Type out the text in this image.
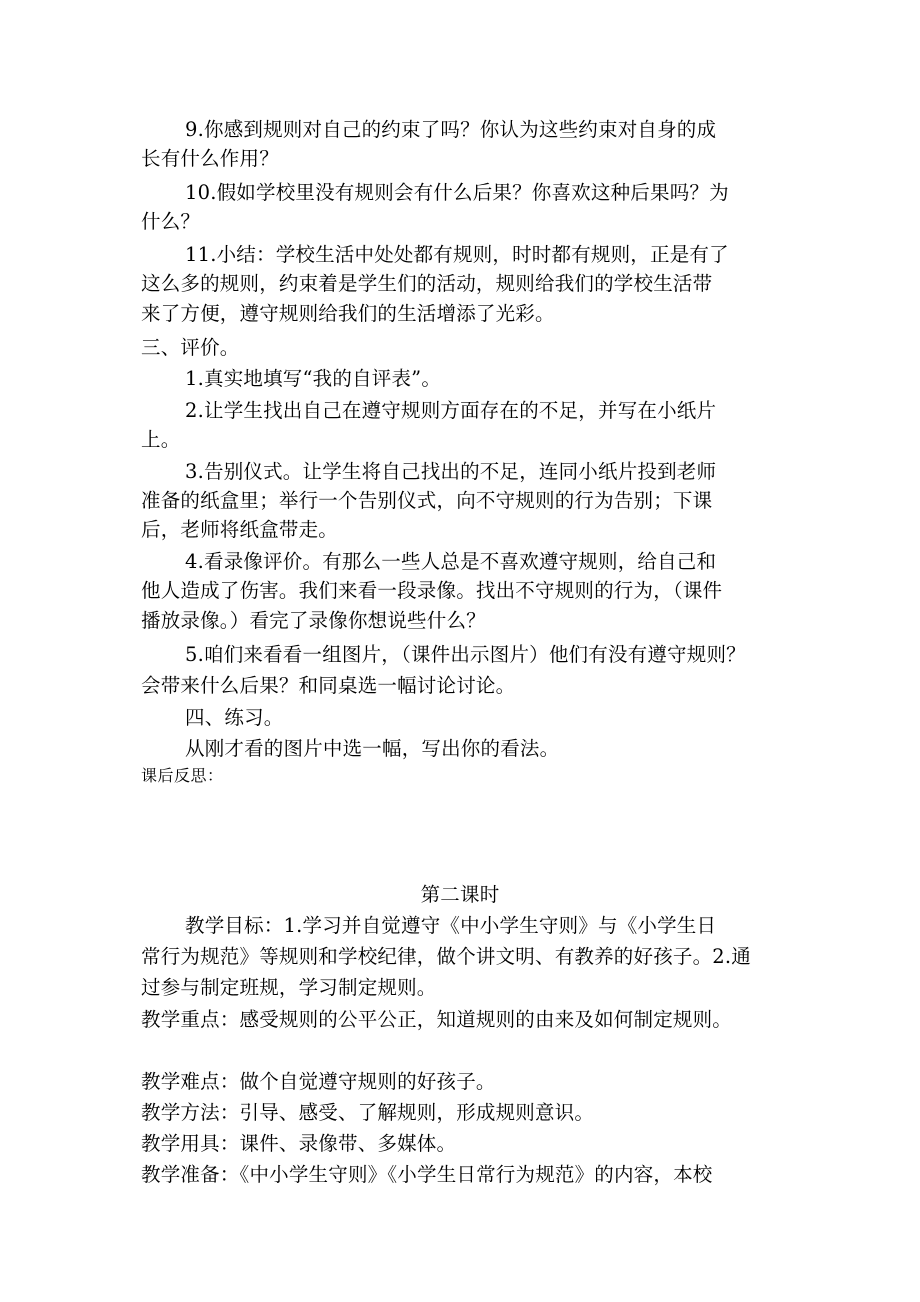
9.你感到规则对自己的约束了吗？你认为这些约束对自身的成
长有什么作用？
10.假如学校里没有规则会有什么后果？你喜欢这种后果吗？为
什么？
11.小结：学校生活中处处都有规则，时时都有规则，正是有了
这么多的规则，约束着是学生们的活动，规则给我们的学校生活带
来了方便，遵守规则给我们的生活增添了光彩。
三、评价。
1.真实地填写“我的自评表”。
2.让学生找出自己在遵守规则方面存在的不足，并写在小纸片
上。
3.告别仪式。让学生将自己找出的不足，连同小纸片投到老师
准备的纸盒里；举行一个告别仪式，向不守规则的行为告别；下课
后，老师将纸盒带走。
4.看录像评价。有那么一些人总是不喜欢遵守规则，给自己和
他人造成了伤害。我们来看一段录像。找出不守规则的行为，（课件
播放录像。）看完了录像你想说些什么？
5.咱们来看看一组图片，（课件出示图片）他们有没有遵守规则？
会带来什么后果？和同桌选一幅讨论讨论。
四、练习。
从刚才看的图片中选一幅，写出你的看法。
课后反思：
第二课时
教学目标：1.学习并自觉遵守《中小学生守则》与《小学生日
常行为规范》等规则和学校纪律，做个讲文明、有教养的好孩子。2.通
过参与制定班规，学习制定规则。
教学重点：感受规则的公平公正，知道规则的由来及如何制定规则。
教学难点：做个自觉遵守规则的好孩子。
教学方法：引导、感受、了解规则，形成规则意识。
教学用具：课件、录像带、多媒体。
教学准备：《中小学生守则》《小学生日常行为规范》的内容，本校
